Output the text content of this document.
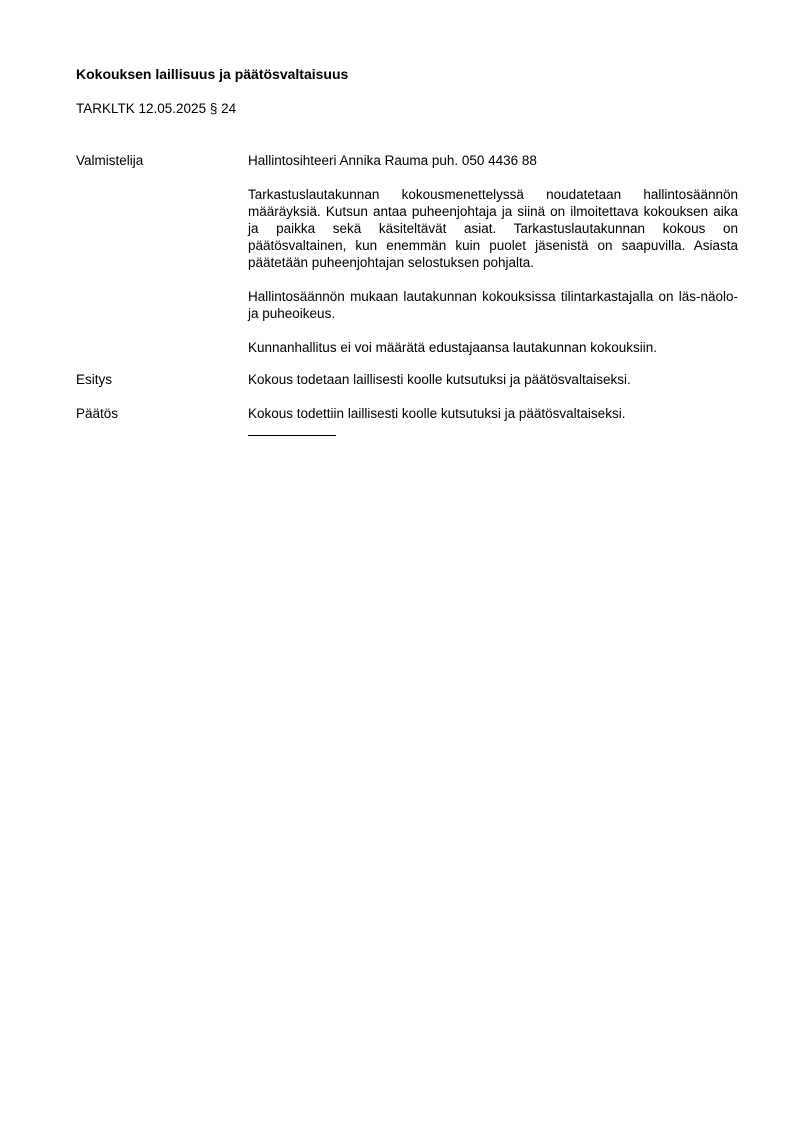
Kokouksen laillisuus ja päätösvaltaisuus

TARKLTK 12.05.2025 § 24

Valmistelija	Hallintosihteeri Annika Rauma puh. 050 4436 88

Tarkastuslautakunnan kokousmenettelyssä noudatetaan hallintosäännön määräyksiä. Kutsun antaa puheenjohtaja ja siinä on ilmoitettava kokouksen aika ja paikka sekä käsiteltävät asiat. Tarkastuslautakunnan kokous on päätösvaltainen, kun enemmän kuin puolet jäsenistä on saapuvilla. Asiasta päätetään puheenjohtajan selostuksen pohjalta.

Hallintosäännön mukaan lautakunnan kokouksissa tilintarkastajalla on läs-näolo- ja puheoikeus.

Kunnanhallitus ei voi määrätä edustajaansa lautakunnan kokouksiin.

Esitys	Kokous todetaan laillisesti koolle kutsutuksi ja päätösvaltaiseksi.

Päätös	Kokous todettiin laillisesti koolle kutsutuksi ja päätösvaltaiseksi.
